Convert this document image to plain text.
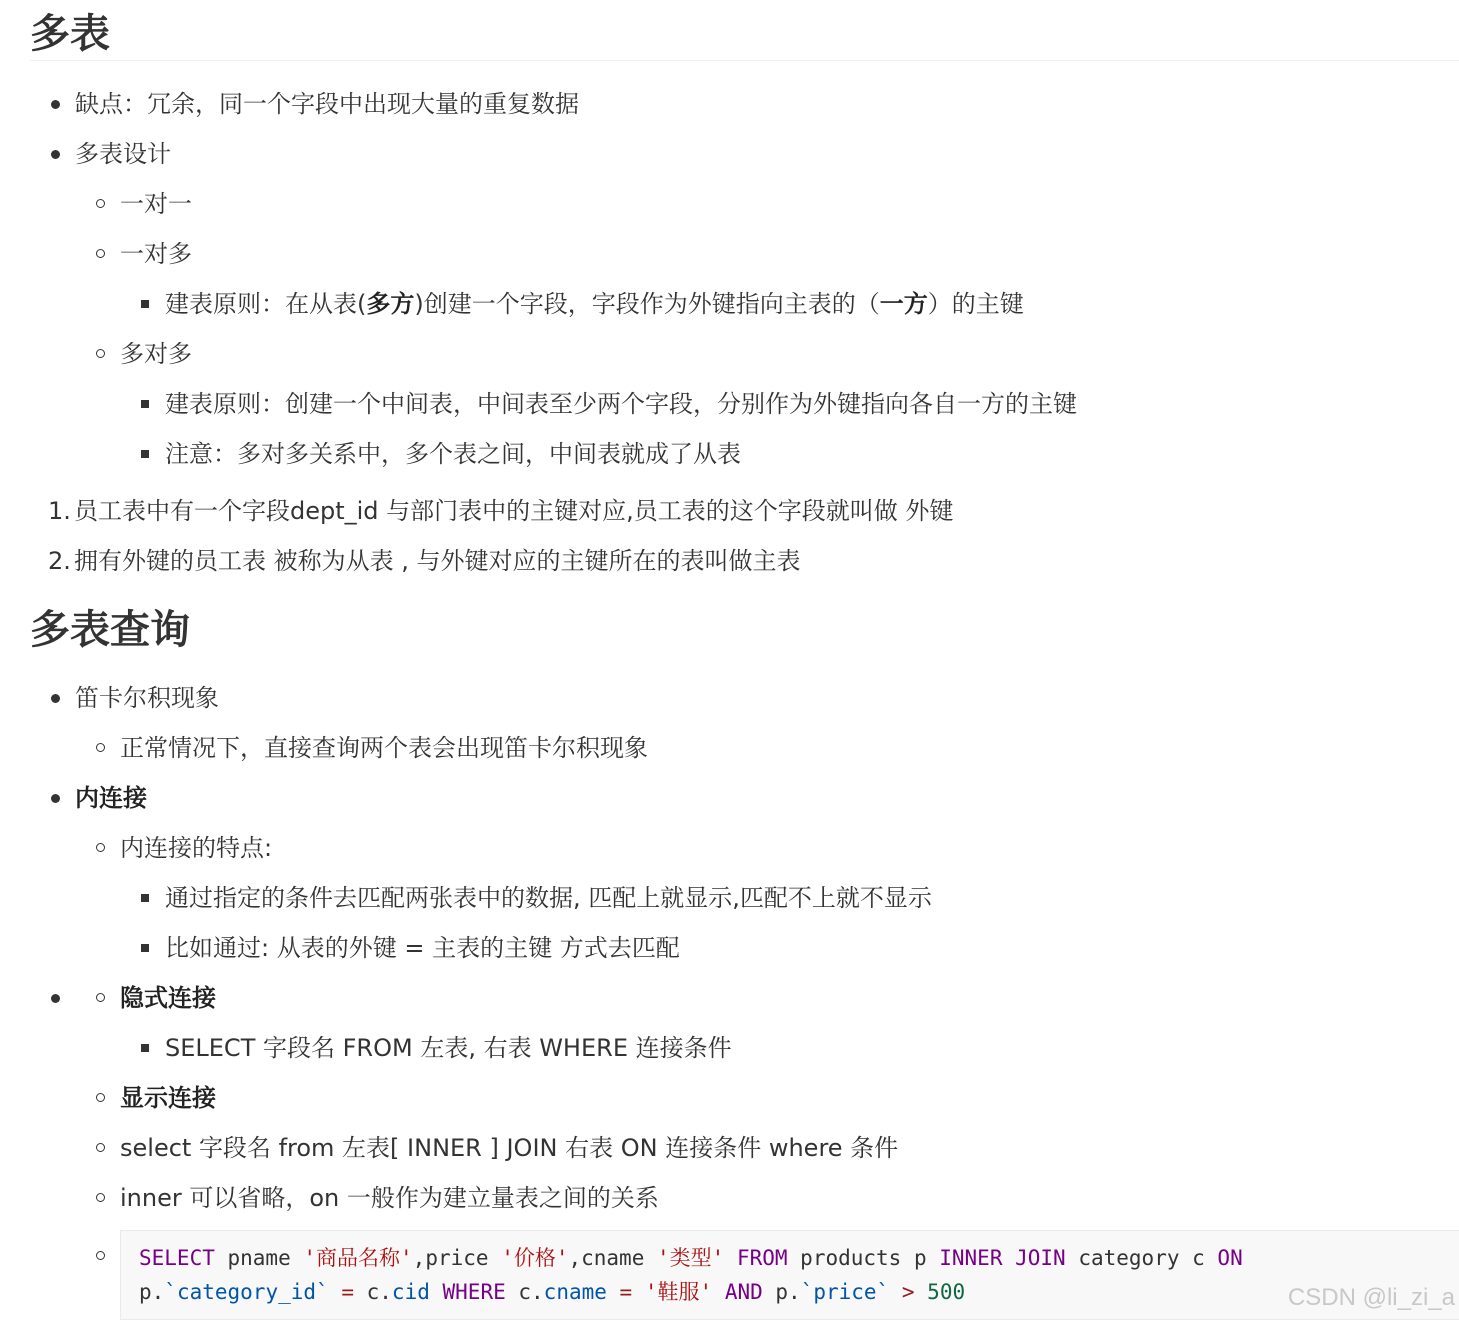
多表
缺点：冗余，同一个字段中出现大量的重复数据
多表设计
一对一
一对多
建表原则：在从表(多方)创建一个字段，字段作为外键指向主表的（一方）的主键
多对多
建表原则：创建一个中间表，中间表至少两个字段，分别作为外键指向各自一方的主键
注意：多对多关系中，多个表之间，中间表就成了从表
1. 员工表中有一个字段dept_id 与部门表中的主键对应,员工表的这个字段就叫做 外键
2. 拥有外键的员工表 被称为从表 , 与外键对应的主键所在的表叫做主表
多表查询
笛卡尔积现象
正常情况下，直接查询两个表会出现笛卡尔积现象
内连接
内连接的特点:
通过指定的条件去匹配两张表中的数据, 匹配上就显示,匹配不上就不显示
比如通过: 从表的外键 = 主表的主键 方式去匹配
隐式连接
SELECT 字段名 FROM 左表, 右表 WHERE 连接条件
显示连接
select 字段名 from 左表[ INNER ] JOIN 右表 ON 连接条件 where 条件
inner 可以省略，on 一般作为建立量表之间的关系
SELECT pname '商品名称',price '价格',cname '类型' FROM products p INNER JOIN category c ON
p.`category_id` = c.cid WHERE c.cname = '鞋服' AND p.`price` > 500	CSDN @li_zi_a
